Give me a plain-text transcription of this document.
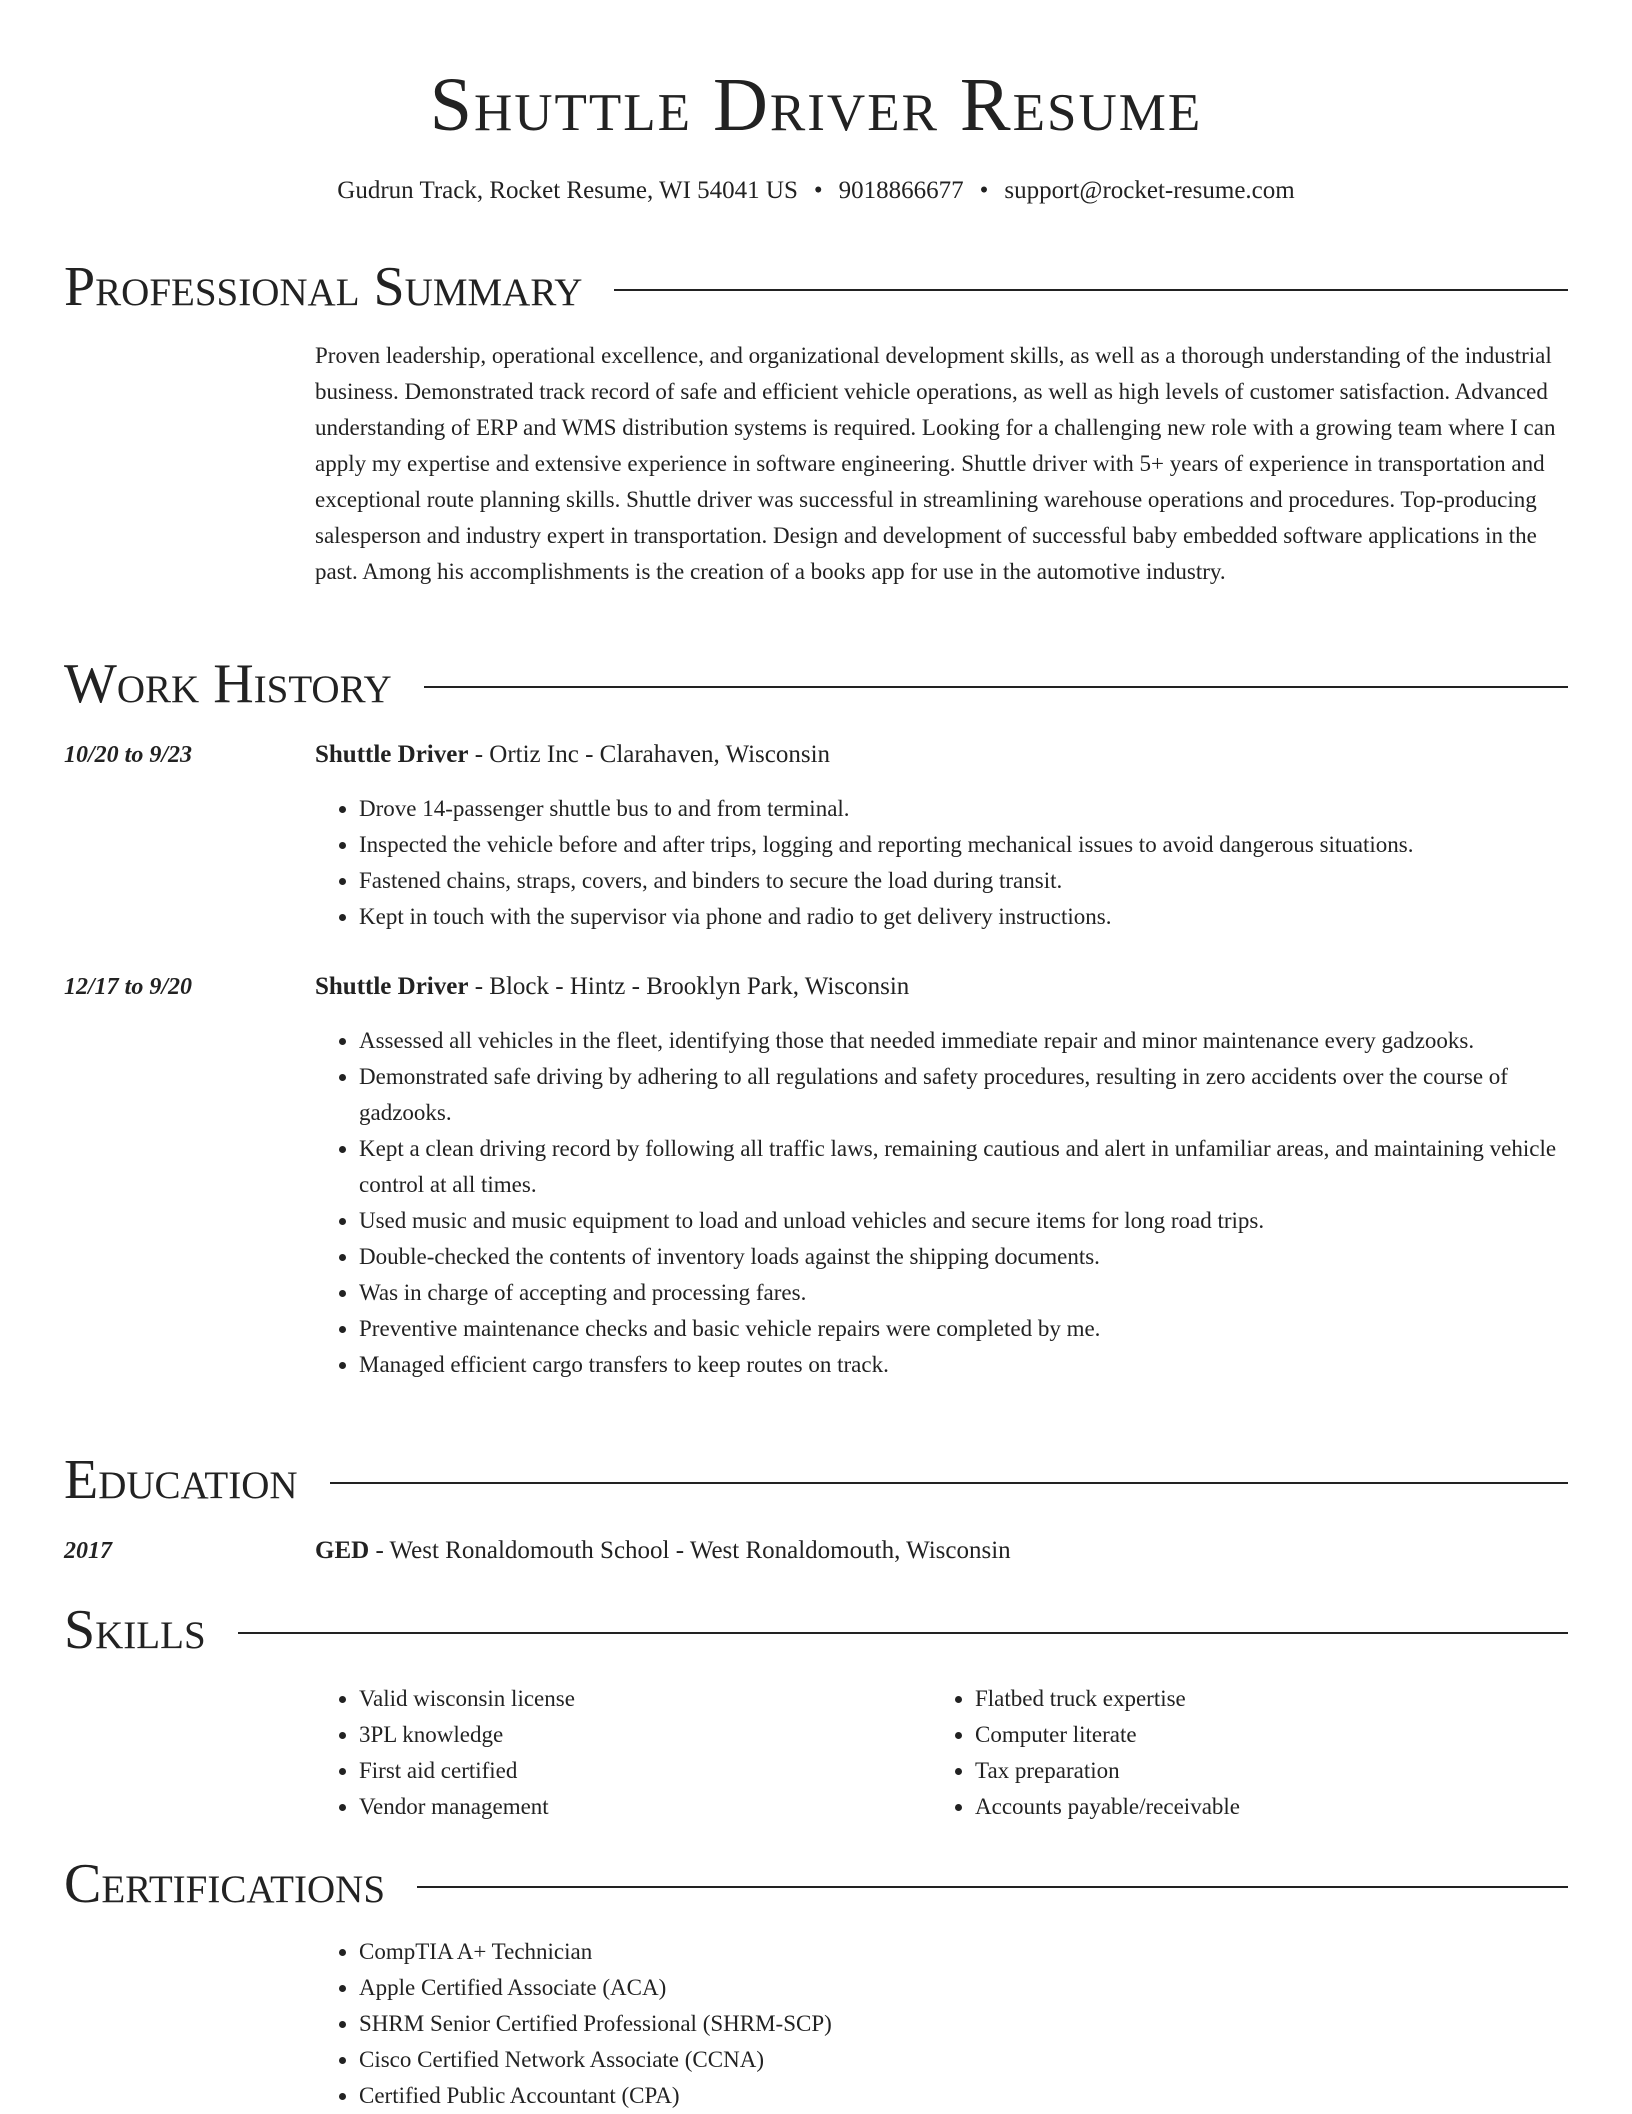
Shuttle Driver Resume
Gudrun Track, Rocket Resume, WI 54041 US • 9018866677 • support@rocket-resume.com
Professional Summary

Proven leadership, operational excellence, and organizational development skills, as well as a thorough understanding of the industrial business. Demonstrated track record of safe and efficient vehicle operations, as well as high levels of customer satisfaction. Advanced understanding of ERP and WMS distribution systems is required. Looking for a challenging new role with a growing team where I can apply my expertise and extensive experience in software engineering. Shuttle driver with 5+ years of experience in transportation and exceptional route planning skills. Shuttle driver was successful in streamlining warehouse operations and procedures. Top-producing salesperson and industry expert in transportation. Design and development of successful baby embedded software applications in the past. Among his accomplishments is the creation of a books app for use in the automotive industry.

Work History
10/20 to 9/23	Shuttle Driver - Ortiz Inc - Clarahaven, Wisconsin
• Drove 14-passenger shuttle bus to and from terminal.
• Inspected the vehicle before and after trips, logging and reporting mechanical issues to avoid dangerous situations.
• Fastened chains, straps, covers, and binders to secure the load during transit.
• Kept in touch with the supervisor via phone and radio to get delivery instructions.
12/17 to 9/20	Shuttle Driver - Block - Hintz - Brooklyn Park, Wisconsin
• Assessed all vehicles in the fleet, identifying those that needed immediate repair and minor maintenance every gadzooks.
• Demonstrated safe driving by adhering to all regulations and safety procedures, resulting in zero accidents over the course of gadzooks.
• Kept a clean driving record by following all traffic laws, remaining cautious and alert in unfamiliar areas, and maintaining vehicle control at all times.
• Used music and music equipment to load and unload vehicles and secure items for long road trips.
• Double-checked the contents of inventory loads against the shipping documents.
• Was in charge of accepting and processing fares.
• Preventive maintenance checks and basic vehicle repairs were completed by me.
• Managed efficient cargo transfers to keep routes on track.
Education
2017	GED - West Ronaldomouth School - West Ronaldomouth, Wisconsin
Skills
• Valid wisconsin license
• 3PL knowledge
• First aid certified
• Vendor management
• Flatbed truck expertise
• Computer literate
• Tax preparation
• Accounts payable/receivable
Certifications
• CompTIA A+ Technician
• Apple Certified Associate (ACA)
• SHRM Senior Certified Professional (SHRM-SCP)
• Cisco Certified Network Associate (CCNA)
• Certified Public Accountant (CPA)
